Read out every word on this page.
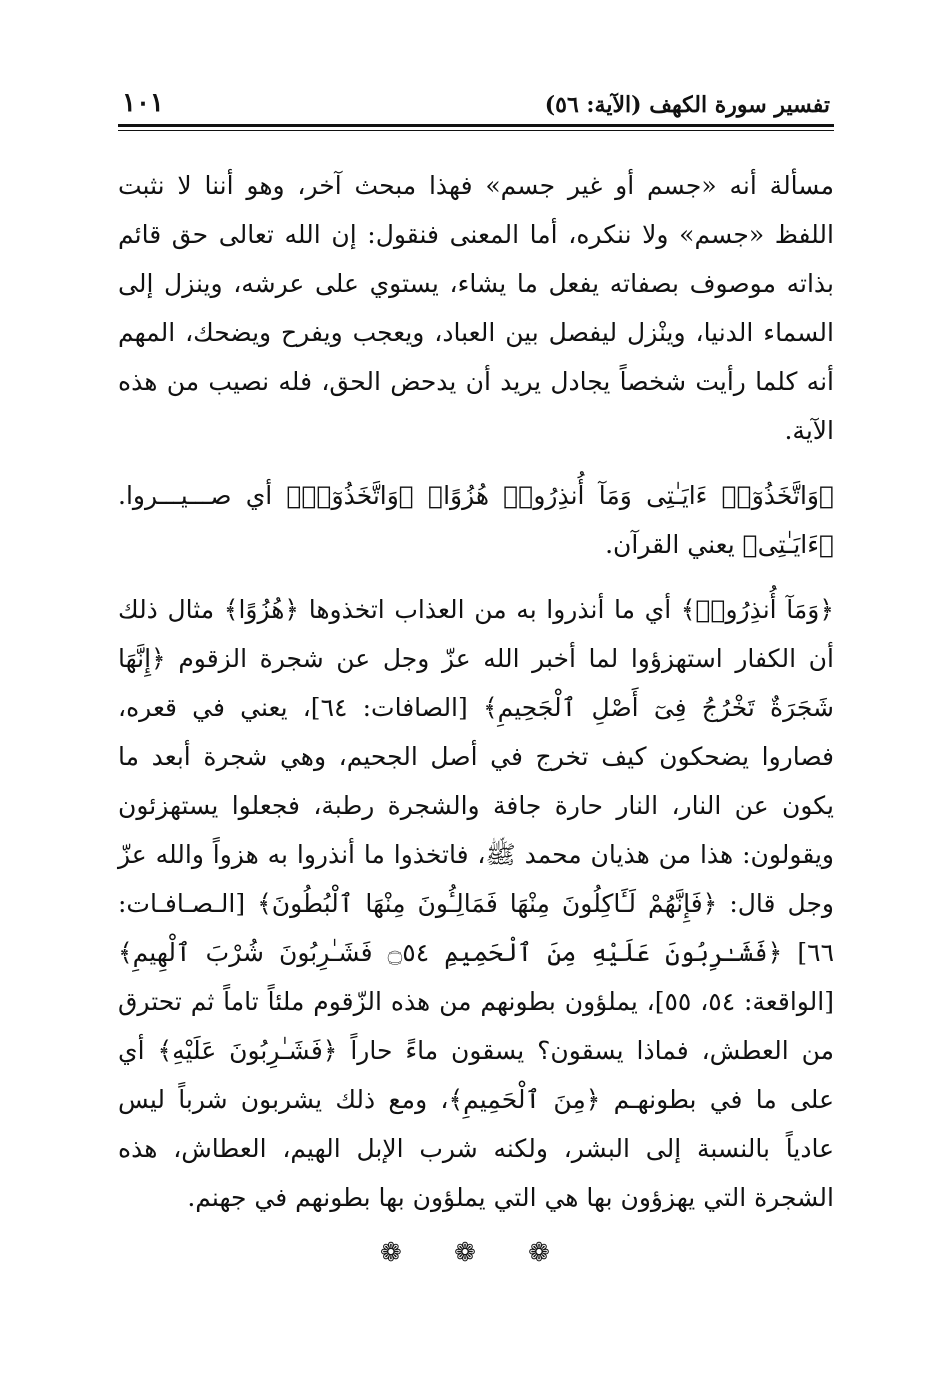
تفسير سورة الكهف (الآية: ٥٦)
١٠١

مسألة أنه «جسم أو غير جسم» فهذا مبحث آخر، وهو أننا لا نثبت اللفظ «جسم» ولا ننكره، أما المعنى فنقول: إن الله تعالى حق قائم بذاته موصوف بصفاته يفعل ما يشاء، يستوي على عرشه، وينزل إلى السماء الدنيا، وينْزل ليفصل بين العباد، ويعجب ويفرح ويضحك، المهم أنه كلما رأيت شخصاً يجادل يريد أن يدحض الحق، فله نصيب من هذه الآية.

﴿وَاتَّخَذُوٓا۟ ءَايَـٰتِى وَمَآ أُنذِرُوا۟ هُزُوًا﴾ ﴿وَاتَّخَذُوٓا۟﴾ أي صـــيـــروا. ﴿ءَايَـٰتِى﴾ يعني القرآن.

﴿وَمَآ أُنذِرُوا۟﴾ أي ما أنذروا به من العذاب اتخذوها ﴿هُزُوًا﴾ مثال ذلك أن الكفار استهزؤوا لما أخبر الله عزّ وجل عن شجرة الزقوم ﴿إِنَّهَا شَجَرَةٌ تَخْرُجُ فِىٓ أَصْلِ ٱلْجَحِيمِ﴾ [الصافات: ٦٤]، يعني في قعره، فصاروا يضحكون كيف تخرج في أصل الجحيم، وهي شجرة أبعد ما يكون عن النار، النار حارة جافة والشجرة رطبة، فجعلوا يستهزئون ويقولون: هذا من هذيان محمد ﷺ، فاتخذوا ما أنذروا به هزواً والله عزّ وجل قال: ﴿فَإِنَّهُمْ لَـَٔاكِلُونَ مِنْهَا فَمَالِـُٔونَ مِنْهَا ٱلْبُطُونَ﴾ [الـصـافـات: ٦٦] ﴿فَشَـٰرِبُونَ عَلَيْهِ مِنَ ٱلْحَمِيمِ ۝٥٤ فَشَـٰرِبُونَ شُرْبَ ٱلْهِيمِ﴾ [الواقعة: ٥٤، ٥٥]، يملؤون بطونهم من هذه الزّقوم ملئاً تاماً ثم تحترق من العطش، فماذا يسقون؟ يسقون ماءً حاراً ﴿فَشَـٰرِبُونَ عَلَيْهِ﴾ أي على ما في بطونهـم ﴿مِنَ ٱلْحَمِيمِ﴾، ومع ذلك يشربون شرباً ليس عادياً بالنسبة إلى البشر، ولكنه شرب الإبل الهيم، العطاش، هذه الشجرة التي يهزؤون بها هي التي يملؤون بها بطونهم في جهنم.

❁ ❁ ❁
